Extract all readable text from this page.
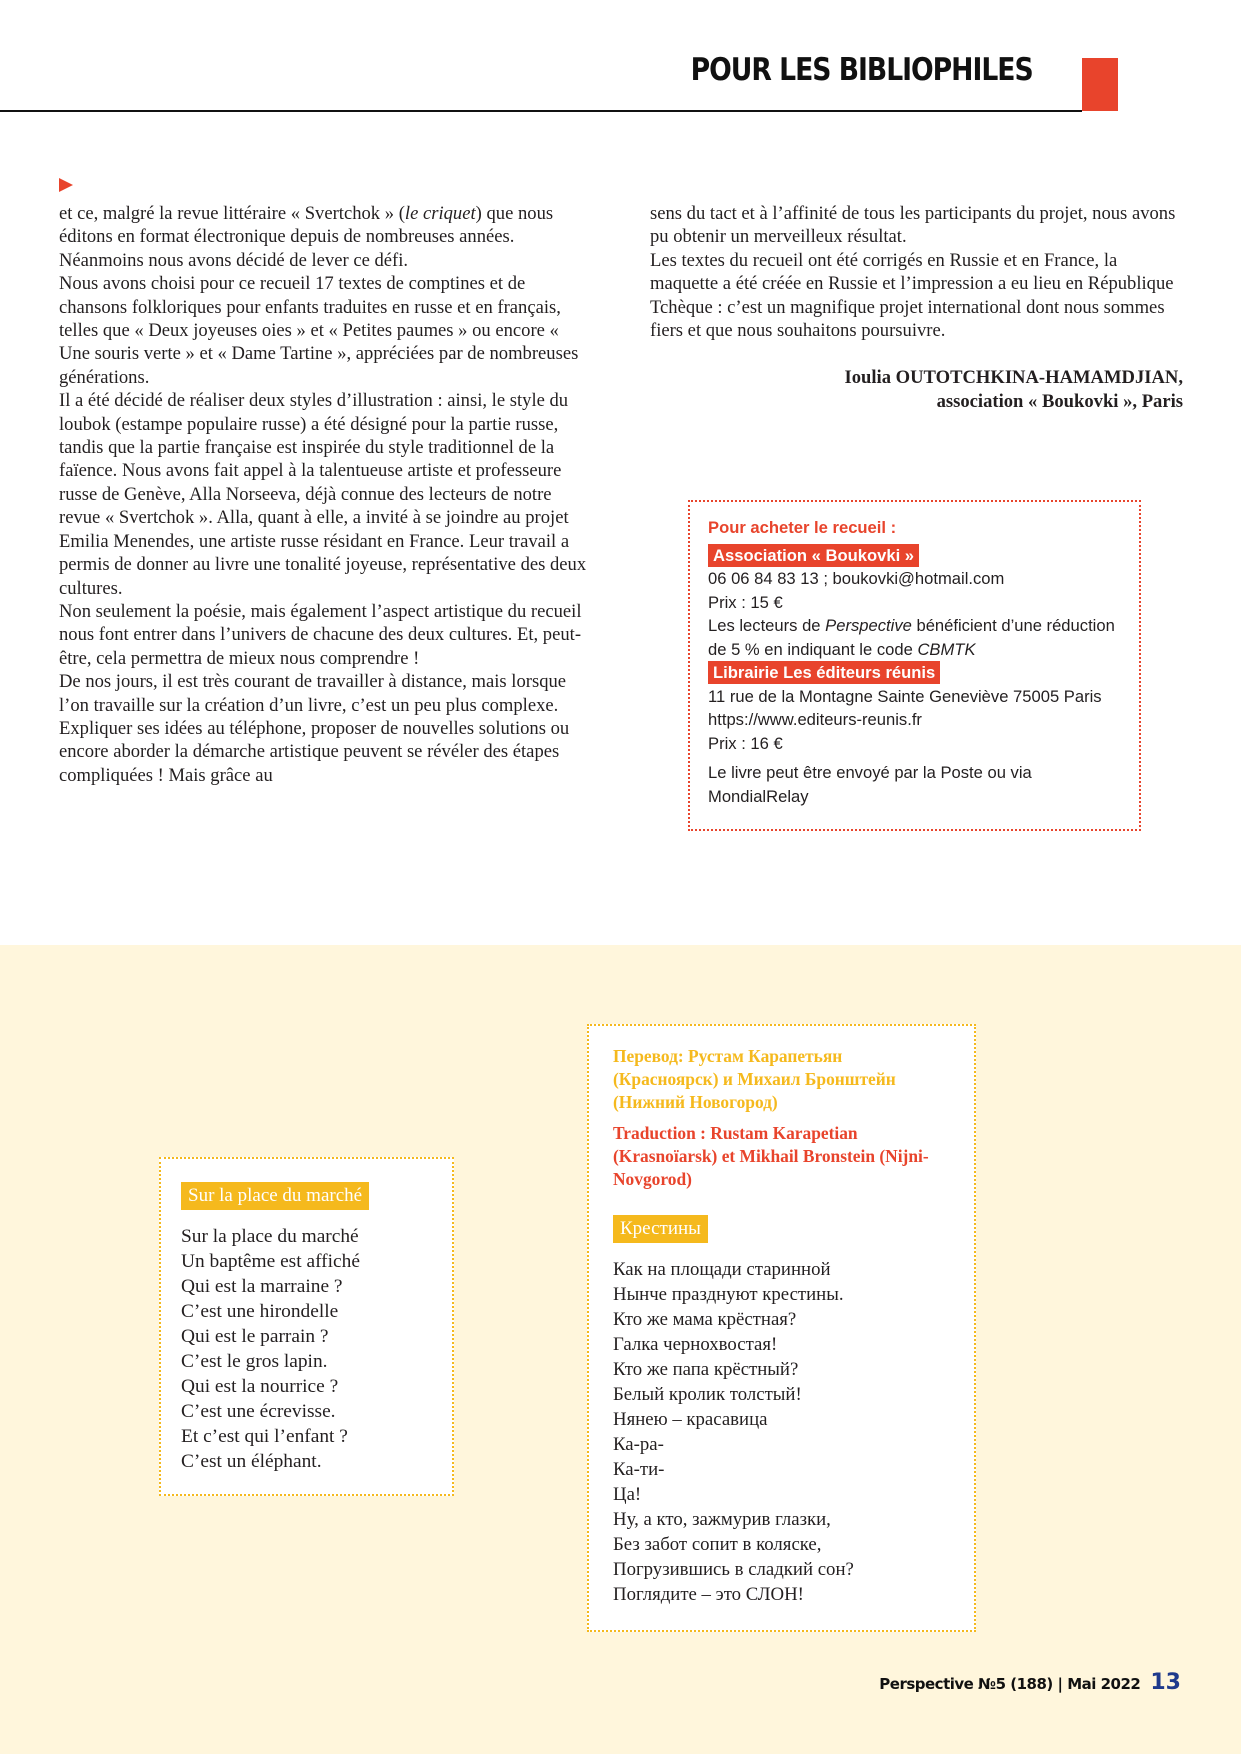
POUR LES BIBLIOPHILES

et ce, malgré la revue littéraire « Svertchok » (le criquet) que nous éditons en format électronique depuis de nombreuses années. Néanmoins nous avons décidé de lever ce défi.

Nous avons choisi pour ce recueil 17 textes de comptines et de chansons folkloriques pour enfants traduites en russe et en français, telles que « Deux joyeuses oies » et « Petites paumes » ou encore « Une souris verte » et « Dame Tartine », appréciées par de nombreuses générations.

Il a été décidé de réaliser deux styles d’illustration : ainsi, le style du loubok (estampe populaire russe) a été désigné pour la partie russe, tandis que la partie française est inspirée du style traditionnel de la faïence. Nous avons fait appel à la talentueuse artiste et professeure russe de Genève, Alla Norseeva, déjà connue des lecteurs de notre revue « Svertchok ». Alla, quant à elle, a invité à se joindre au projet Emilia Menendes, une artiste russe résidant en France. Leur travail a permis de donner au livre une tonalité joyeuse, représentative des deux cultures.

Non seulement la poésie, mais également l’aspect artistique du recueil nous font entrer dans l’univers de chacune des deux cultures. Et, peut-être, cela permettra de mieux nous comprendre !

De nos jours, il est très courant de travailler à distance, mais lorsque l’on travaille sur la création d’un livre, c’est un peu plus complexe. Expliquer ses idées au téléphone, proposer de nouvelles solutions ou encore aborder la démarche artistique peuvent se révéler des étapes compliquées ! Mais grâce au

sens du tact et à l’affinité de tous les participants du projet, nous avons pu obtenir un merveilleux résultat.

Les textes du recueil ont été corrigés en Russie et en France, la maquette a été créée en Russie et l’impression a eu lieu en République Tchèque : c’est un magnifique projet international dont nous sommes fiers et que nous souhaitons poursuivre.

Ioulia OUTOTCHKINA-HAMAMDJIAN,
association « Boukovki », Paris
Pour acheter le recueil :
Association « Boukovki »
06 06 84 83 13 ; boukovki@hotmail.com
Prix : 15 €
Les lecteurs de Perspective bénéficient d’une réduction de 5 % en indiquant le code CBMTK
Librairie Les éditeurs réunis
11 rue de la Montagne Sainte Geneviève 75005 Paris
https://www.editeurs-reunis.fr
Prix : 16 €
Le livre peut être envoyé par la Poste ou via MondialRelay
Sur la place du marché
Sur la place du marché
Un baptême est affiché
Qui est la marraine ?
C’est une hirondelle
Qui est le parrain ?
C’est le gros lapin.
Qui est la nourrice ?
C’est une écrevisse.
Et c’est qui l’enfant ?
C’est un éléphant.
Перевод: Рустам Карапетьян (Красноярск) и Михаил Бронштейн (Нижний Новогород)
Traduction : Rustam Karapetian (Krasnoïarsk) et Mikhail Bronstein (Nijni-Novgorod)
Крестины
Как на площади старинной
Нынче празднуют крестины.
Кто же мама крёстная?
Галка чернохвостая!
Кто же папа крёстный?
Белый кролик толстый!
Нянею – красавица
Ка-ра-
Ка-ти-
Ца!
Ну, а кто, зажмурив глазки,
Без забот сопит в коляске,
Погрузившись в сладкий сон?
Поглядите – это СЛОН!
Perspective №5 (188) | Mai 2022 13
